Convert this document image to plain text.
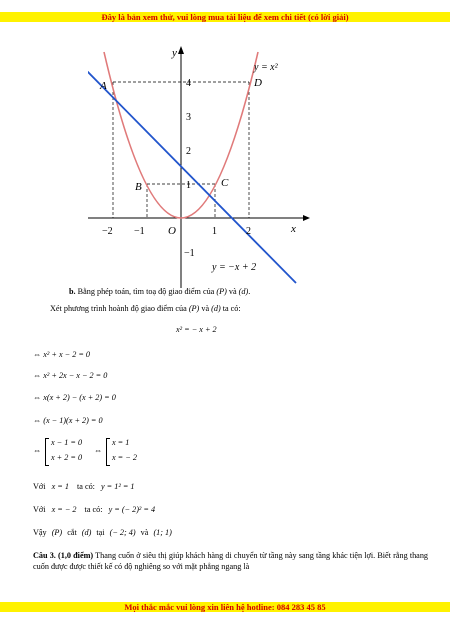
Đây là bản xem thử, vui lòng mua tài liệu để xem chi tiết (có lời giải)
y
x
O
y = x²
y = −x + 2
A	D
B	C
−2 −1	1	2
4
3
2
1
−1
b. Bằng phép toán, tìm toạ độ giao điểm của (P) và (d).
Xét phương trình hoành độ giao điểm của (P) và (d) ta có:
x² = − x + 2
⇔ x² + x − 2 = 0
⇔ x² + 2x − x − 2 = 0
⇔ x(x + 2) − (x + 2) = 0
⇔ (x − 1)(x + 2) = 0
⇔
x − 1 = 0
x + 2 = 0
⇔
x = 1
x = − 2
Với x = 1 ta có: y = 1² = 1
Với x = − 2 ta có: y = (− 2)² = 4
Vậy (P) cắt (d) tại (− 2; 4) và (1; 1)
Câu 3. (1,0 điểm) Thang cuốn ở siêu thị giúp khách hàng di chuyển từ tầng này sang tầng khác tiện lợi. Biết rằng thang cuốn được được thiết kế có độ nghiêng so với mặt phẳng ngang là
Mọi thắc mắc vui lòng xin liên hệ hotline: 084 283 45 85
